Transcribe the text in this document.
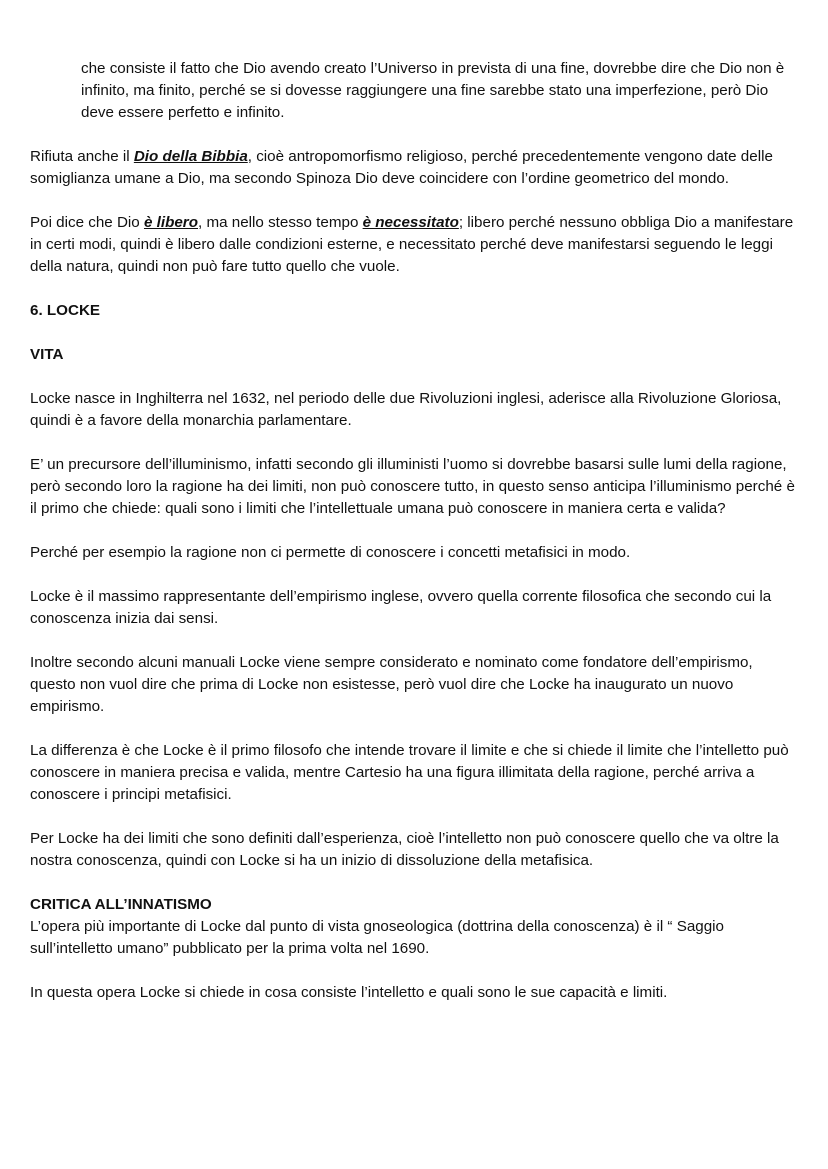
che consiste il fatto che Dio avendo creato l’Universo in prevista di una fine, dovrebbe dire che Dio non è infinito, ma finito, perché se si dovesse raggiungere una fine sarebbe stato una imperfezione, però Dio deve essere perfetto e infinito.

Rifiuta anche il Dio della Bibbia, cioè antropomorfismo religioso, perché precedentemente vengono date delle somiglianza umane a Dio, ma secondo Spinoza Dio deve coincidere con l’ordine geometrico del mondo.

Poi dice che Dio è libero, ma nello stesso tempo è necessitato; libero perché nessuno obbliga Dio a manifestare in certi modi, quindi è libero dalle condizioni esterne, e necessitato perché deve manifestarsi seguendo le leggi della natura, quindi non può fare tutto quello che vuole.

6. LOCKE
VITA

Locke nasce in Inghilterra nel 1632, nel periodo delle due Rivoluzioni inglesi, aderisce alla Rivoluzione Gloriosa, quindi è a favore della monarchia parlamentare.

E’ un precursore dell’illuminismo, infatti secondo gli illuministi l’uomo si dovrebbe basarsi sulle lumi della ragione, però secondo loro la ragione ha dei limiti, non può conoscere tutto, in questo senso anticipa l’illuminismo perché è il primo che chiede: quali sono i limiti che l’intellettuale umana può conoscere in maniera certa e valida?

Perché per esempio la ragione non ci permette di conoscere i concetti metafisici in modo.

Locke è il massimo rappresentante dell’empirismo inglese, ovvero quella corrente filosofica che secondo cui la conoscenza inizia dai sensi.

Inoltre secondo alcuni manuali Locke viene sempre considerato e nominato come fondatore dell’empirismo, questo non vuol dire che prima di Locke non esistesse, però vuol dire che Locke ha inaugurato un nuovo empirismo.

La differenza è che Locke è il primo filosofo che intende trovare il limite e che si chiede il limite che l’intelletto può conoscere in maniera precisa e valida, mentre Cartesio ha una figura illimitata della ragione, perché arriva a conoscere i principi metafisici.

Per Locke ha dei limiti che sono definiti dall’esperienza, cioè l’intelletto non può conoscere quello che va oltre la nostra conoscenza, quindi con Locke si ha un inizio di dissoluzione della metafisica.

CRITICA ALL’INNATISMO

L’opera più importante di Locke dal punto di vista gnoseologica (dottrina della conoscenza) è il “ Saggio sull’intelletto umano” pubblicato per la prima volta nel 1690.

In questa opera Locke si chiede in cosa consiste l’intelletto e quali sono le sue capacità e limiti.
